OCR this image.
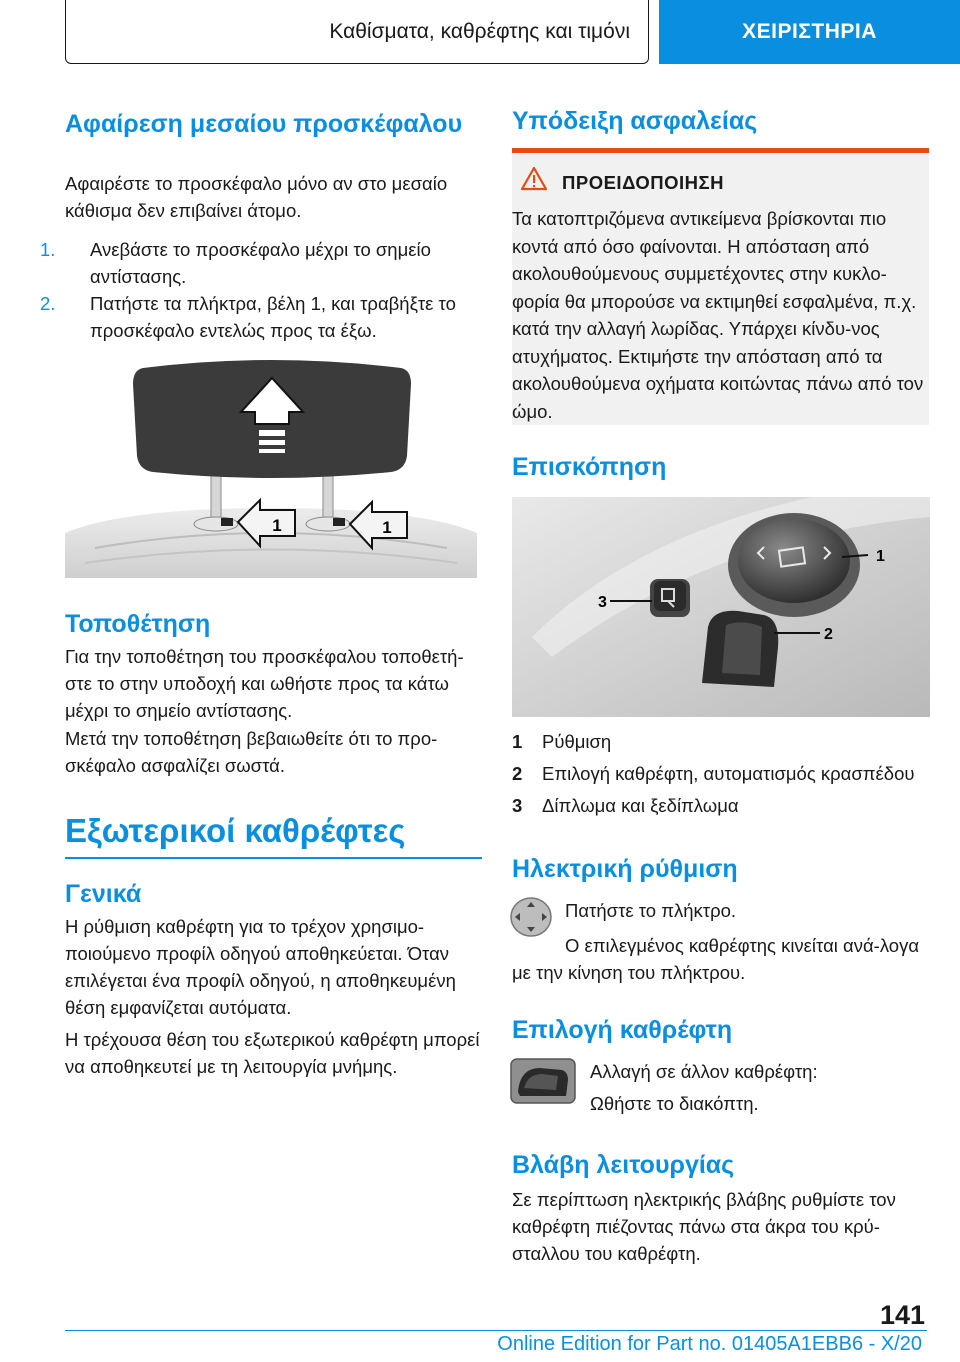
Καθίσματα, καθρέφτης και τιμόνι	ΧΕΙΡΙΣΤΗΡΙΑ
Αφαίρεση μεσαίου προσκέφαλου
Αφαιρέστε το προσκέφαλο μόνο αν στο μεσαίο κάθισμα δεν επιβαίνει άτομο.
1. Ανεβάστε το προσκέφαλο μέχρι το σημείο αντίστασης.
2. Πατήστε τα πλήκτρα, βέλη 1, και τραβήξτε το προσκέφαλο εντελώς προς τα έξω.
1	1
Τοποθέτηση
Για την τοποθέτηση του προσκέφαλου τοποθετή-στε το στην υποδοχή και ωθήστε προς τα κάτω μέχρι το σημείο αντίστασης.
Μετά την τοποθέτηση βεβαιωθείτε ότι το προ-σκέφαλο ασφαλίζει σωστά.
Εξωτερικοί καθρέφτες
Γενικά
Η ρύθμιση καθρέφτη για το τρέχον χρησιμο-ποιούμενο προφίλ οδηγού αποθηκεύεται. Όταν επιλέγεται ένα προφίλ οδηγού, η αποθηκευμένη θέση εμφανίζεται αυτόματα.
Η τρέχουσα θέση του εξωτερικού καθρέφτη μπορεί να αποθηκευτεί με τη λειτουργία μνήμης.
Υπόδειξη ασφαλείας
ΠΡΟΕΙΔΟΠΟΙΗΣΗ
Τα κατοπτριζόμενα αντικείμενα βρίσκονται πιο κοντά από όσο φαίνονται. Η απόσταση από ακολουθούμενους συμμετέχοντες στην κυκλο-φορία θα μπορούσε να εκτιμηθεί εσφαλμένα, π.χ. κατά την αλλαγή λωρίδας. Υπάρχει κίνδυ-νος ατυχήματος. Εκτιμήστε την απόσταση από τα ακολουθούμενα οχήματα κοιτώντας πάνω από τον ώμο.
Επισκόπηση
1
2
3
1 Ρύθμιση
2 Επιλογή καθρέφτη, αυτοματισμός κρασπέδου
3 Δίπλωμα και ξεδίπλωμα
Ηλεκτρική ρύθμιση
Πατήστε το πλήκτρο.
Ο επιλεγμένος καθρέφτης κινείται ανά-λογα με την κίνηση του πλήκτρου.
Επιλογή καθρέφτη
Αλλαγή σε άλλον καθρέφτη:
Ωθήστε το διακόπτη.
Βλάβη λειτουργίας
Σε περίπτωση ηλεκτρικής βλάβης ρυθμίστε τον καθρέφτη πιέζοντας πάνω στα άκρα του κρύ-σταλλου του καθρέφτη.
141
Online Edition for Part no. 01405A1EBB6 - X/20
